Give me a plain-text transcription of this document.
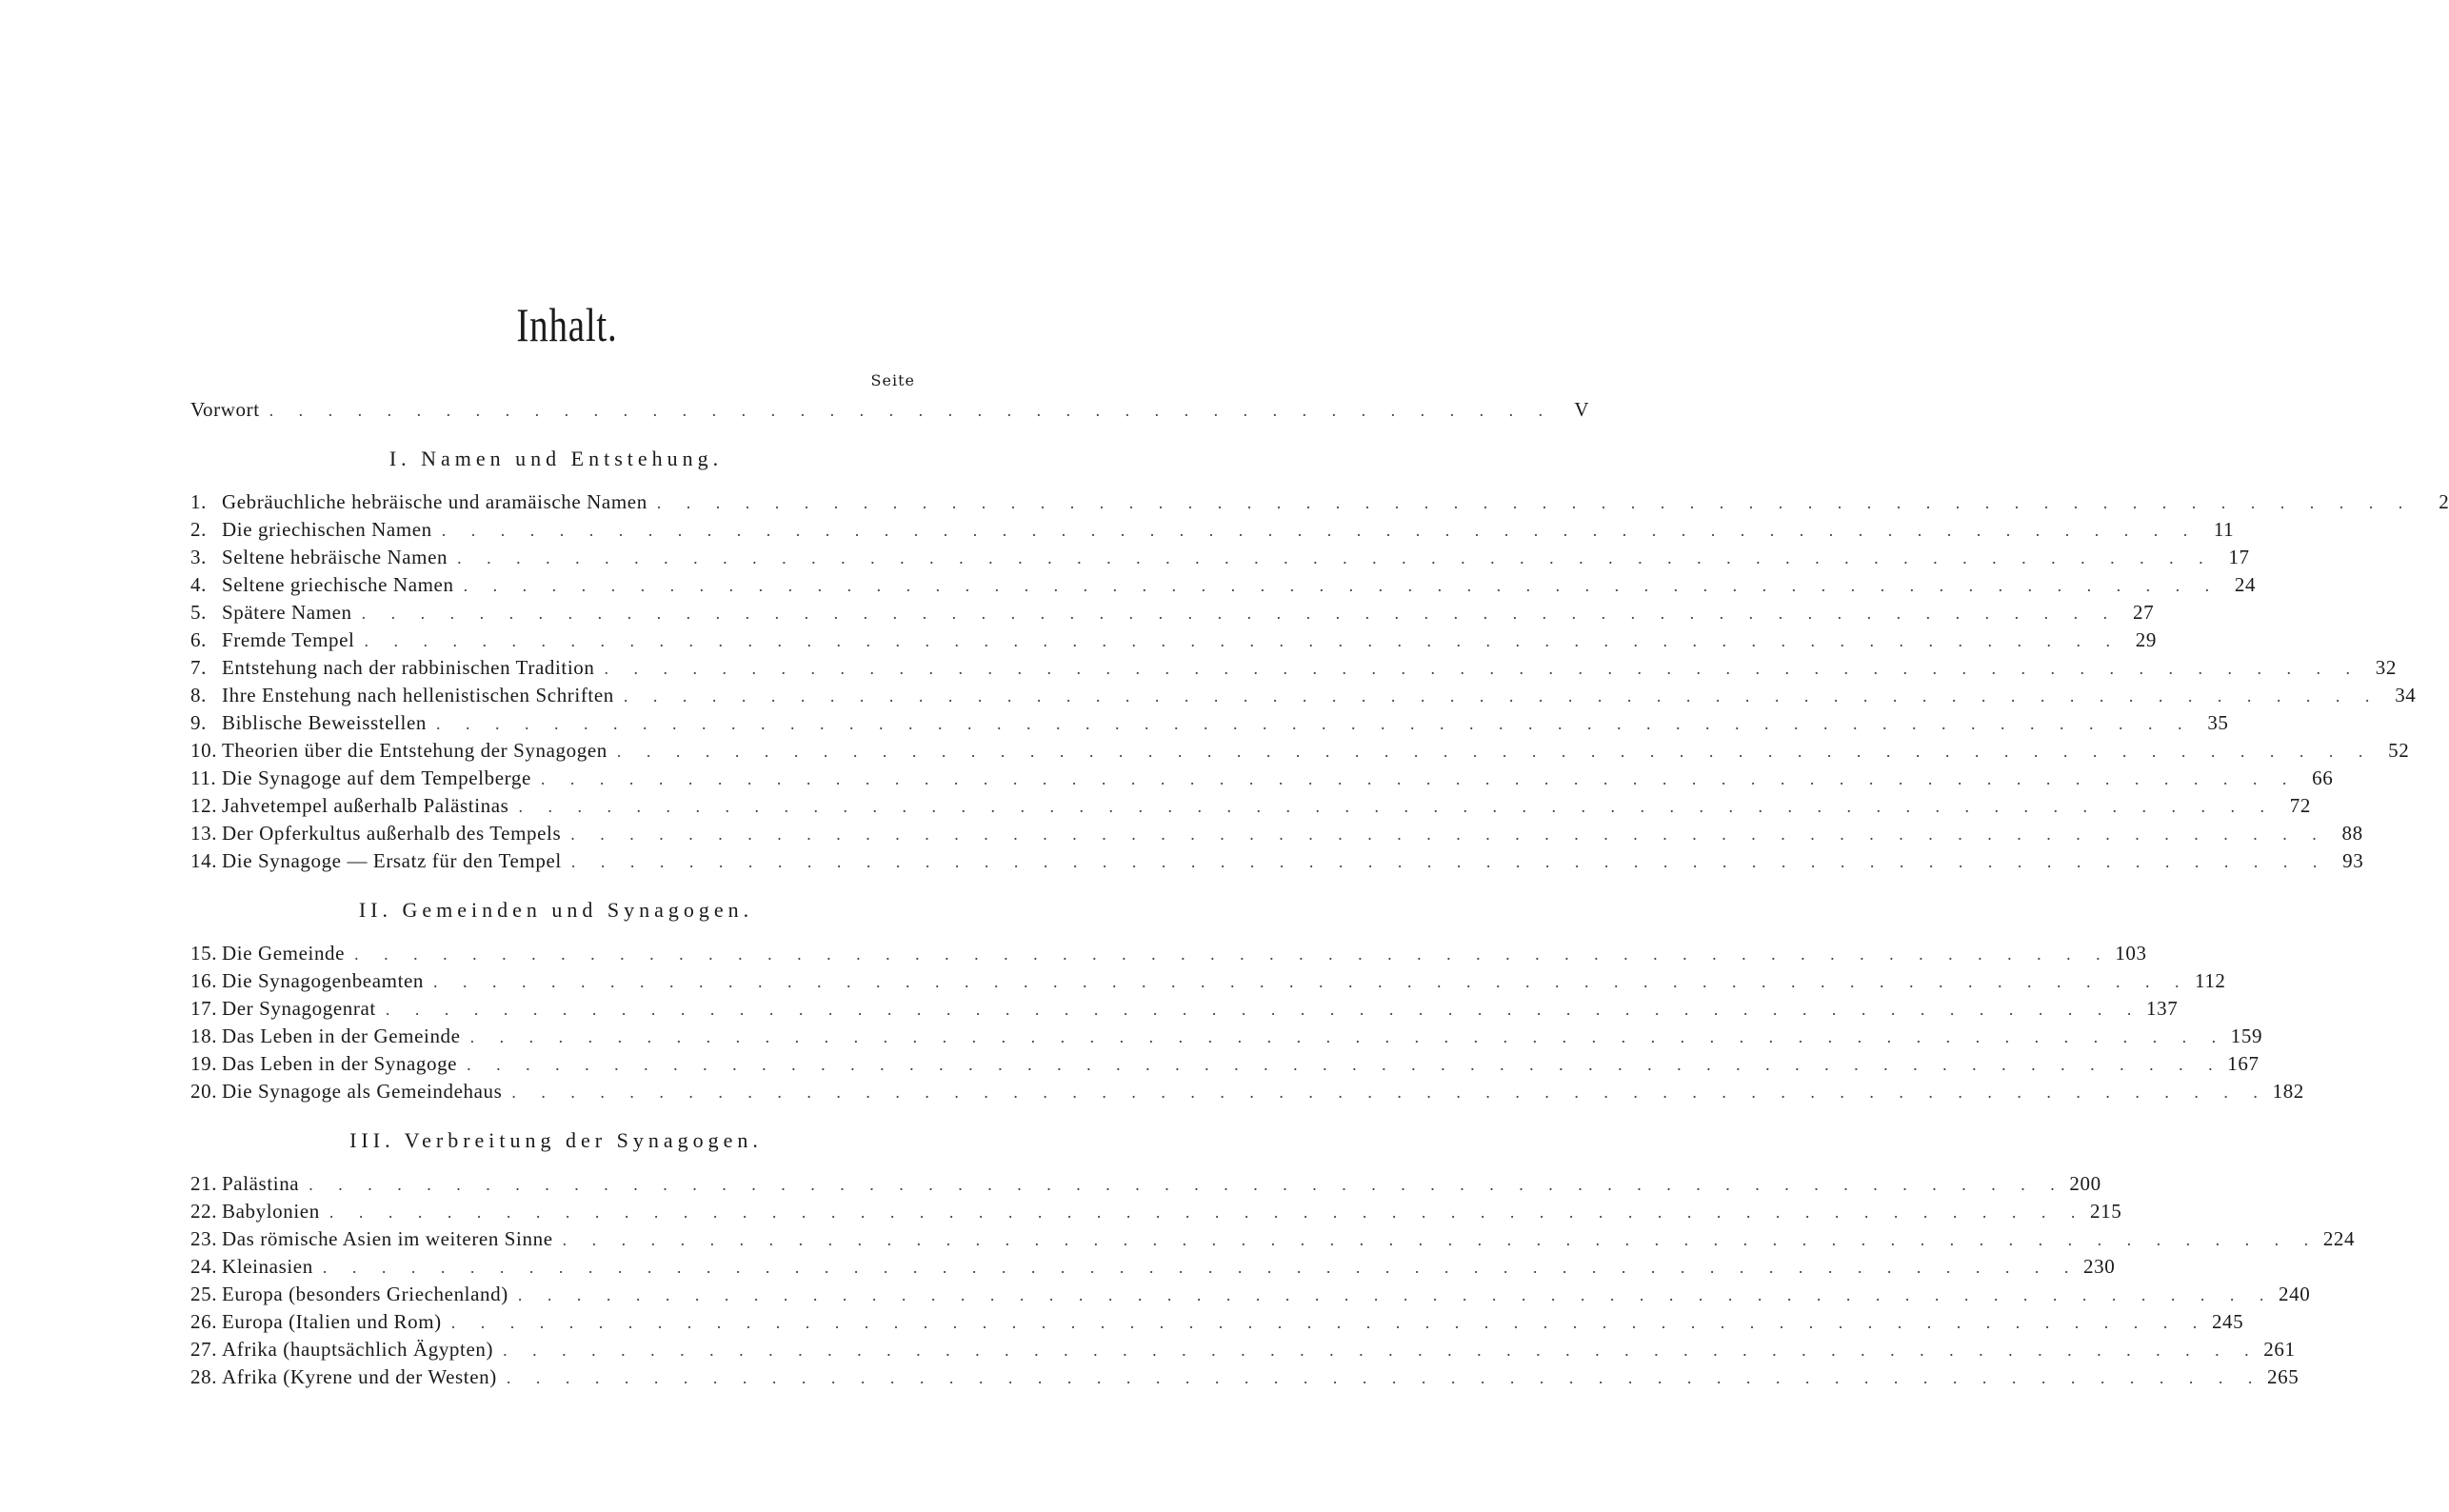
Inhalt.
Seite
Vorwort . . . . . . . . . . . . . . . . . . . . . . . . . . . . . . . . . . . . . . . . . . . .	V
I. Namen und Entstehung.
1. Gebräuchliche hebräische und aramäische Namen . . . . . . . . . . . . . . . . . . . . . . . . . . . . . . . . . . . . . . . . . . . . . . . . . . . . . . . . . . . .	2
2. Die griechischen Namen . . . . . . . . . . . . . . . . . . . . . . . . . . . . . . . . . . . . . . . . . . . . . . . . . . . . . . . . . . . . 11
3. Seltene hebräische Namen . . . . . . . . . . . . . . . . . . . . . . . . . . . . . . . . . . . . . . . . . . . . . . . . . . . . . . . . . . . . 17
4. Seltene griechische Namen . . . . . . . . . . . . . . . . . . . . . . . . . . . . . . . . . . . . . . . . . . . . . . . . . . . . . . . . . . . . 24
5. Spätere Namen . . . . . . . . . . . . . . . . . . . . . . . . . . . . . . . . . . . . . . . . . . . . . . . . . . . . . . . . . . . . 27
6. Fremde Tempel . . . . . . . . . . . . . . . . . . . . . . . . . . . . . . . . . . . . . . . . . . . . . . . . . . . . . . . . . . . . 29
7. Entstehung nach der rabbinischen Tradition . . . . . . . . . . . . . . . . . . . . . . . . . . . . . . . . . . . . . . . . . . . . . . . . . . . . . . . . . . . . 32
8. Ihre Enstehung nach hellenistischen Schriften . . . . . . . . . . . . . . . . . . . . . . . . . . . . . . . . . . . . . . . . . . . . . . . . . . . . . . . . . . . . 34
9. Biblische Beweisstellen . . . . . . . . . . . . . . . . . . . . . . . . . . . . . . . . . . . . . . . . . . . . . . . . . . . . . . . . . . . . 35
10. Theorien über die Entstehung der Synagogen . . . . . . . . . . . . . . . . . . . . . . . . . . . . . . . . . . . . . . . . . . . . . . . . . . . . . . . . . . . . 52
11. Die Synagoge auf dem Tempelberge . . . . . . . . . . . . . . . . . . . . . . . . . . . . . . . . . . . . . . . . . . . . . . . . . . . . . . . . . . . . 66
12. Jahvetempel außerhalb Palästinas . . . . . . . . . . . . . . . . . . . . . . . . . . . . . . . . . . . . . . . . . . . . . . . . . . . . . . . . . . . . 72
13. Der Opferkultus außerhalb des Tempels . . . . . . . . . . . . . . . . . . . . . . . . . . . . . . . . . . . . . . . . . . . . . . . . . . . . . . . . . . . . 88
14. Die Synagoge — Ersatz für den Tempel . . . . . . . . . . . . . . . . . . . . . . . . . . . . . . . . . . . . . . . . . . . . . . . . . . . . . . . . . . . . 93
II. Gemeinden und Synagogen.
15. Die Gemeinde . . . . . . . . . . . . . . . . . . . . . . . . . . . . . . . . . . . . . . . . . . . . . . . . . . . . . . . . . . . . 103
16. Die Synagogenbeamten . . . . . . . . . . . . . . . . . . . . . . . . . . . . . . . . . . . . . . . . . . . . . . . . . . . . . . . . . . . . 112
17. Der Synagogenrat . . . . . . . . . . . . . . . . . . . . . . . . . . . . . . . . . . . . . . . . . . . . . . . . . . . . . . . . . . . . 137
18. Das Leben in der Gemeinde . . . . . . . . . . . . . . . . . . . . . . . . . . . . . . . . . . . . . . . . . . . . . . . . . . . . . . . . . . . . 159
19. Das Leben in der Synagoge . . . . . . . . . . . . . . . . . . . . . . . . . . . . . . . . . . . . . . . . . . . . . . . . . . . . . . . . . . . . 167
20. Die Synagoge als Gemeindehaus . . . . . . . . . . . . . . . . . . . . . . . . . . . . . . . . . . . . . . . . . . . . . . . . . . . . . . . . . . . . 182
III. Verbreitung der Synagogen.
21. Palästina . . . . . . . . . . . . . . . . . . . . . . . . . . . . . . . . . . . . . . . . . . . . . . . . . . . . . . . . . . . . 200
22. Babylonien . . . . . . . . . . . . . . . . . . . . . . . . . . . . . . . . . . . . . . . . . . . . . . . . . . . . . . . . . . . . 215
23. Das römische Asien im weiteren Sinne . . . . . . . . . . . . . . . . . . . . . . . . . . . . . . . . . . . . . . . . . . . . . . . . . . . . . . . . . . . . 224
24. Kleinasien . . . . . . . . . . . . . . . . . . . . . . . . . . . . . . . . . . . . . . . . . . . . . . . . . . . . . . . . . . . . 230
25. Europa (besonders Griechenland) . . . . . . . . . . . . . . . . . . . . . . . . . . . . . . . . . . . . . . . . . . . . . . . . . . . . . . . . . . . . 240
26. Europa (Italien und Rom) . . . . . . . . . . . . . . . . . . . . . . . . . . . . . . . . . . . . . . . . . . . . . . . . . . . . . . . . . . . . 245
27. Afrika (hauptsächlich Ägypten) . . . . . . . . . . . . . . . . . . . . . . . . . . . . . . . . . . . . . . . . . . . . . . . . . . . . . . . . . . . . 261
28. Afrika (Kyrene und der Westen) . . . . . . . . . . . . . . . . . . . . . . . . . . . . . . . . . . . . . . . . . . . . . . . . . . . . . . . . . . . . 265
